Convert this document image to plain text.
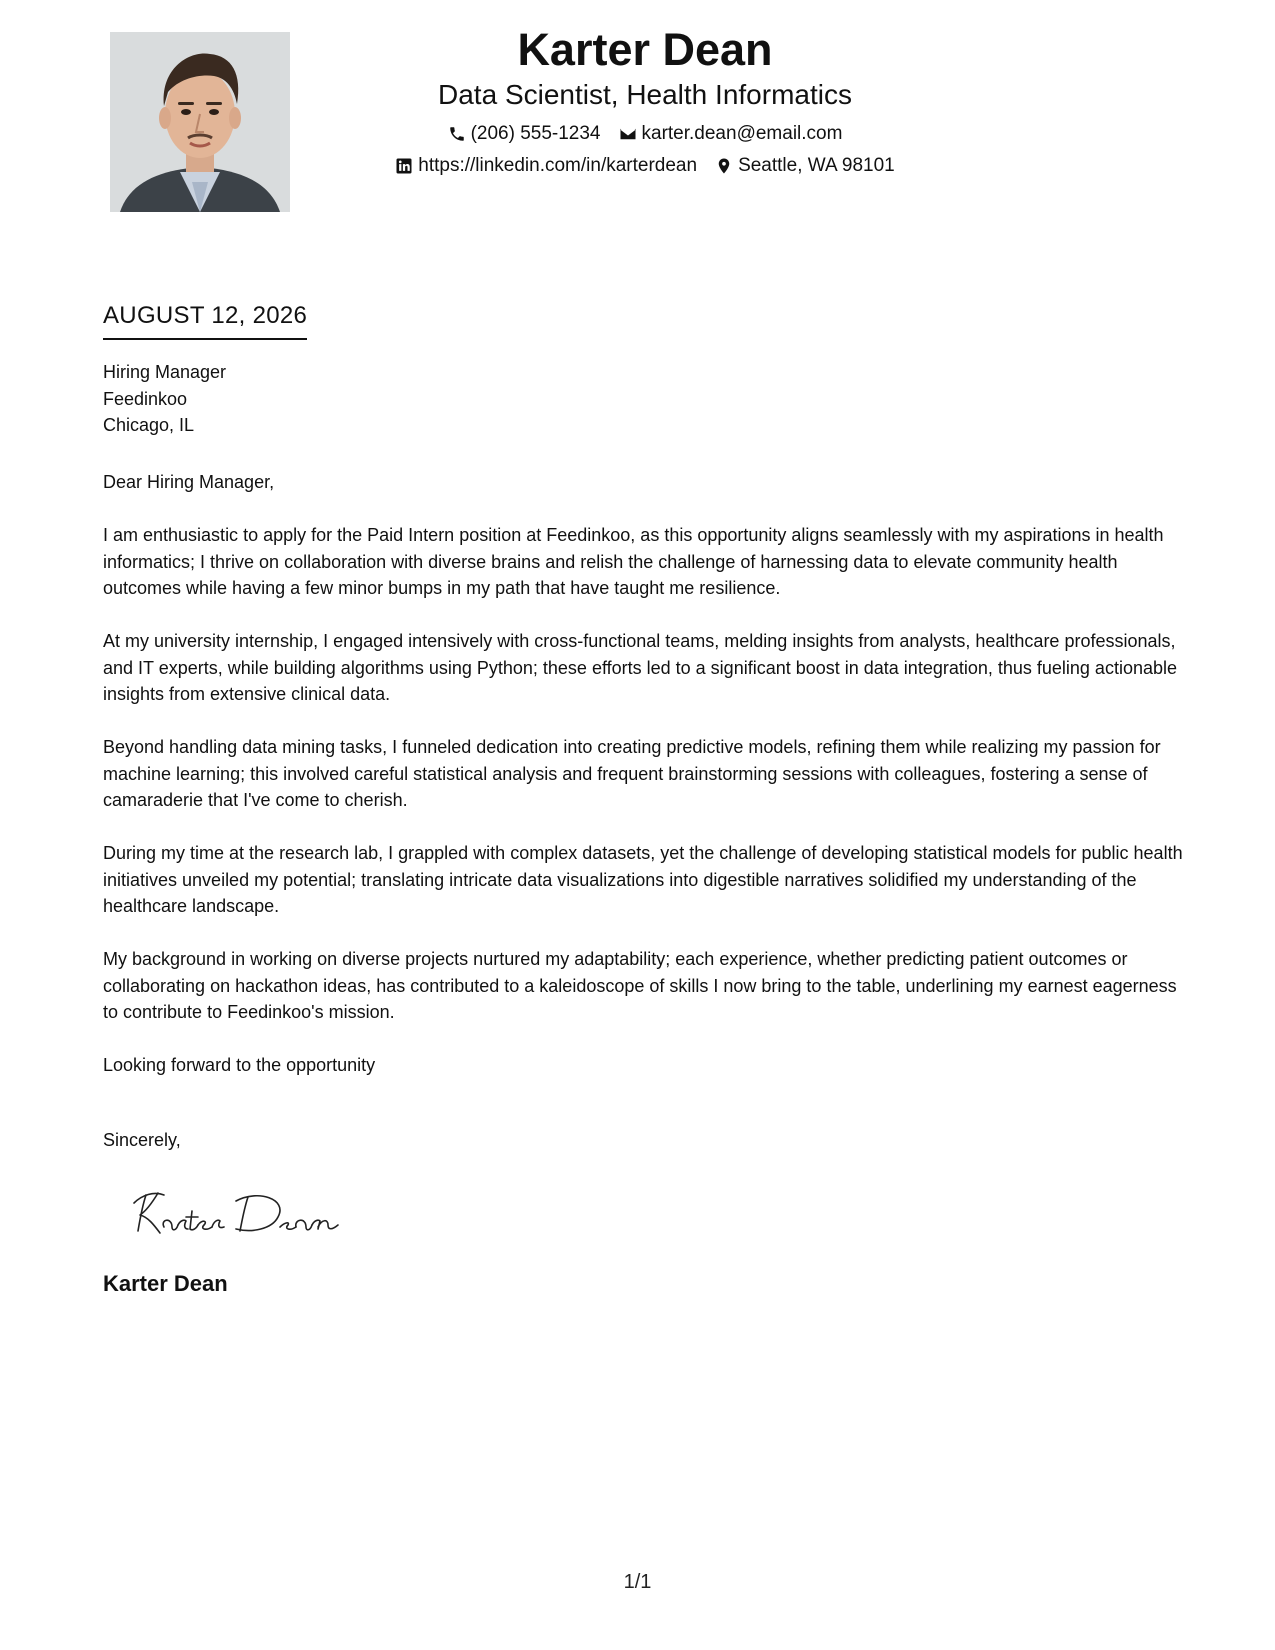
Karter Dean
Data Scientist, Health Informatics
(206) 555-1234 karter.dean@email.com
https://linkedin.com/in/karterdean Seattle, WA 98101
AUGUST 12, 2026
Hiring Manager
Feedinkoo
Chicago, IL

Dear Hiring Manager,

I am enthusiastic to apply for the Paid Intern position at Feedinkoo, as this opportunity aligns seamlessly with my aspirations in health informatics; I thrive on collaboration with diverse brains and relish the challenge of harnessing data to elevate community health outcomes while having a few minor bumps in my path that have taught me resilience.

At my university internship, I engaged intensively with cross-functional teams, melding insights from analysts, healthcare professionals, and IT experts, while building algorithms using Python; these efforts led to a significant boost in data integration, thus fueling actionable insights from extensive clinical data.

Beyond handling data mining tasks, I funneled dedication into creating predictive models, refining them while realizing my passion for machine learning; this involved careful statistical analysis and frequent brainstorming sessions with colleagues, fostering a sense of camaraderie that I've come to cherish.

During my time at the research lab, I grappled with complex datasets, yet the challenge of developing statistical models for public health initiatives unveiled my potential; translating intricate data visualizations into digestible narratives solidified my understanding of the healthcare landscape.

My background in working on diverse projects nurtured my adaptability; each experience, whether predicting patient outcomes or collaborating on hackathon ideas, has contributed to a kaleidoscope of skills I now bring to the table, underlining my earnest eagerness to contribute to Feedinkoo's mission.

Looking forward to the opportunity

Sincerely,
Karter Dean
1/1
